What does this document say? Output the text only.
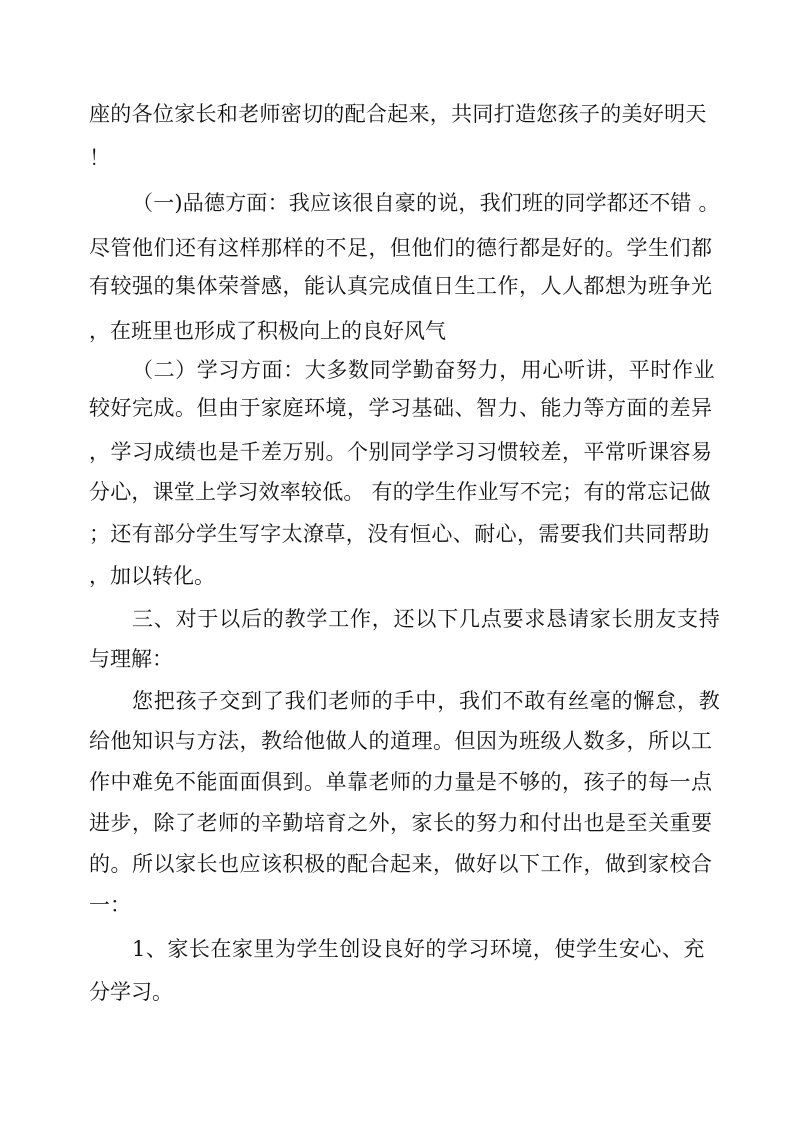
座的各位家长和老师密切的配合起来，共同打造您孩子的美好明天
！
（一)品德方面：我应该很自豪的说，我们班的同学都还不错 。
尽管他们还有这样那样的不足，但他们的德行都是好的。学生们都
有较强的集体荣誉感，能认真完成值日生工作，人人都想为班争光
，在班里也形成了积极向上的良好风气
（二）学习方面：大多数同学勤奋努力，用心听讲，平时作业
较好完成。但由于家庭环境，学习基础、智力、能力等方面的差异
，学习成绩也是千差万别。个别同学学习习惯较差，平常听课容易
分心，课堂上学习效率较低。 有的学生作业写不完；有的常忘记做
；还有部分学生写字太潦草，没有恒心、耐心，需要我们共同帮助
，加以转化。
三、对于以后的教学工作，还以下几点要求恳请家长朋友支持
与理解：
您把孩子交到了我们老师的手中，我们不敢有丝毫的懈怠，教
给他知识与方法，教给他做人的道理。但因为班级人数多，所以工
作中难免不能面面俱到。单靠老师的力量是不够的，孩子的每一点
进步，除了老师的辛勤培育之外，家长的努力和付出也是至关重要
的。所以家长也应该积极的配合起来，做好以下工作，做到家校合
一：
1、家长在家里为学生创设良好的学习环境，使学生安心、充
分学习。
